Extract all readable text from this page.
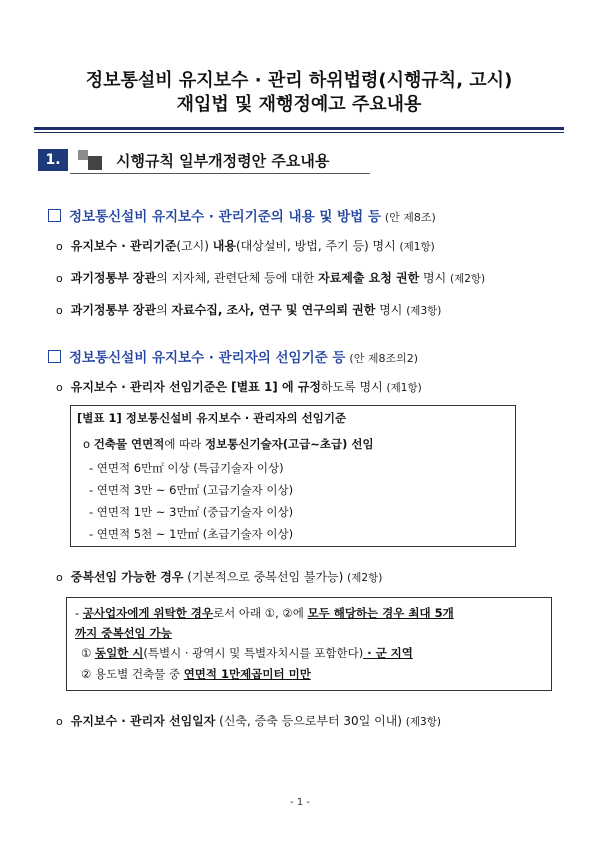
정보통설비 유지보수 · 관리 하위법령(시행규칙, 고시)
재입법 및 재행정예고 주요내용
1.	시행규칙 일부개정령안 주요내용
정보통신설비 유지보수 · 관리기준의 내용 및 방법 등 (안 제8조)
o 유지보수 · 관리기준(고시) 내용(대상설비, 방법, 주기 등) 명시 (제1항)
o 과기정통부 장관의 지자체, 관련단체 등에 대한 자료제출 요청 권한 명시 (제2항)
o 과기정통부 장관의 자료수집, 조사, 연구 및 연구의뢰 권한 명시 (제3항)
정보통신설비 유지보수 · 관리자의 선임기준 등 (안 제8조의2)
o 유지보수 · 관리자 선임기준은 [별표 1] 에 규정하도록 명시 (제1항)
[별표 1] 정보통신설비 유지보수 · 관리자의 선임기준
o 건축물 연면적에 따라 정보통신기술자(고급~초급) 선임
- 연면적 6만㎡ 이상 (특급기술자 이상)
- 연면적 3만 ~ 6만㎡ (고급기술자 이상)
- 연면적 1만 ~ 3만㎡ (중급기술자 이상)
- 연면적 5천 ~ 1만㎡ (초급기술자 이상)
o 중복선임 가능한 경우 (기본적으로 중복선임 불가능) (제2항)
- 공사업자에게 위탁한 경우로서 아래 ①, ②에 모두 해당하는 경우 최대 5개
까지 중복선임 가능
① 동일한 시(특별시 · 광역시 및 특별자치시를 포함한다) · 군 지역
② 용도별 건축물 중 연면적 1만제곱미터 미만
o 유지보수 · 관리자 선임일자 (신축, 증축 등으로부터 30일 이내) (제3항)
- 1 -
